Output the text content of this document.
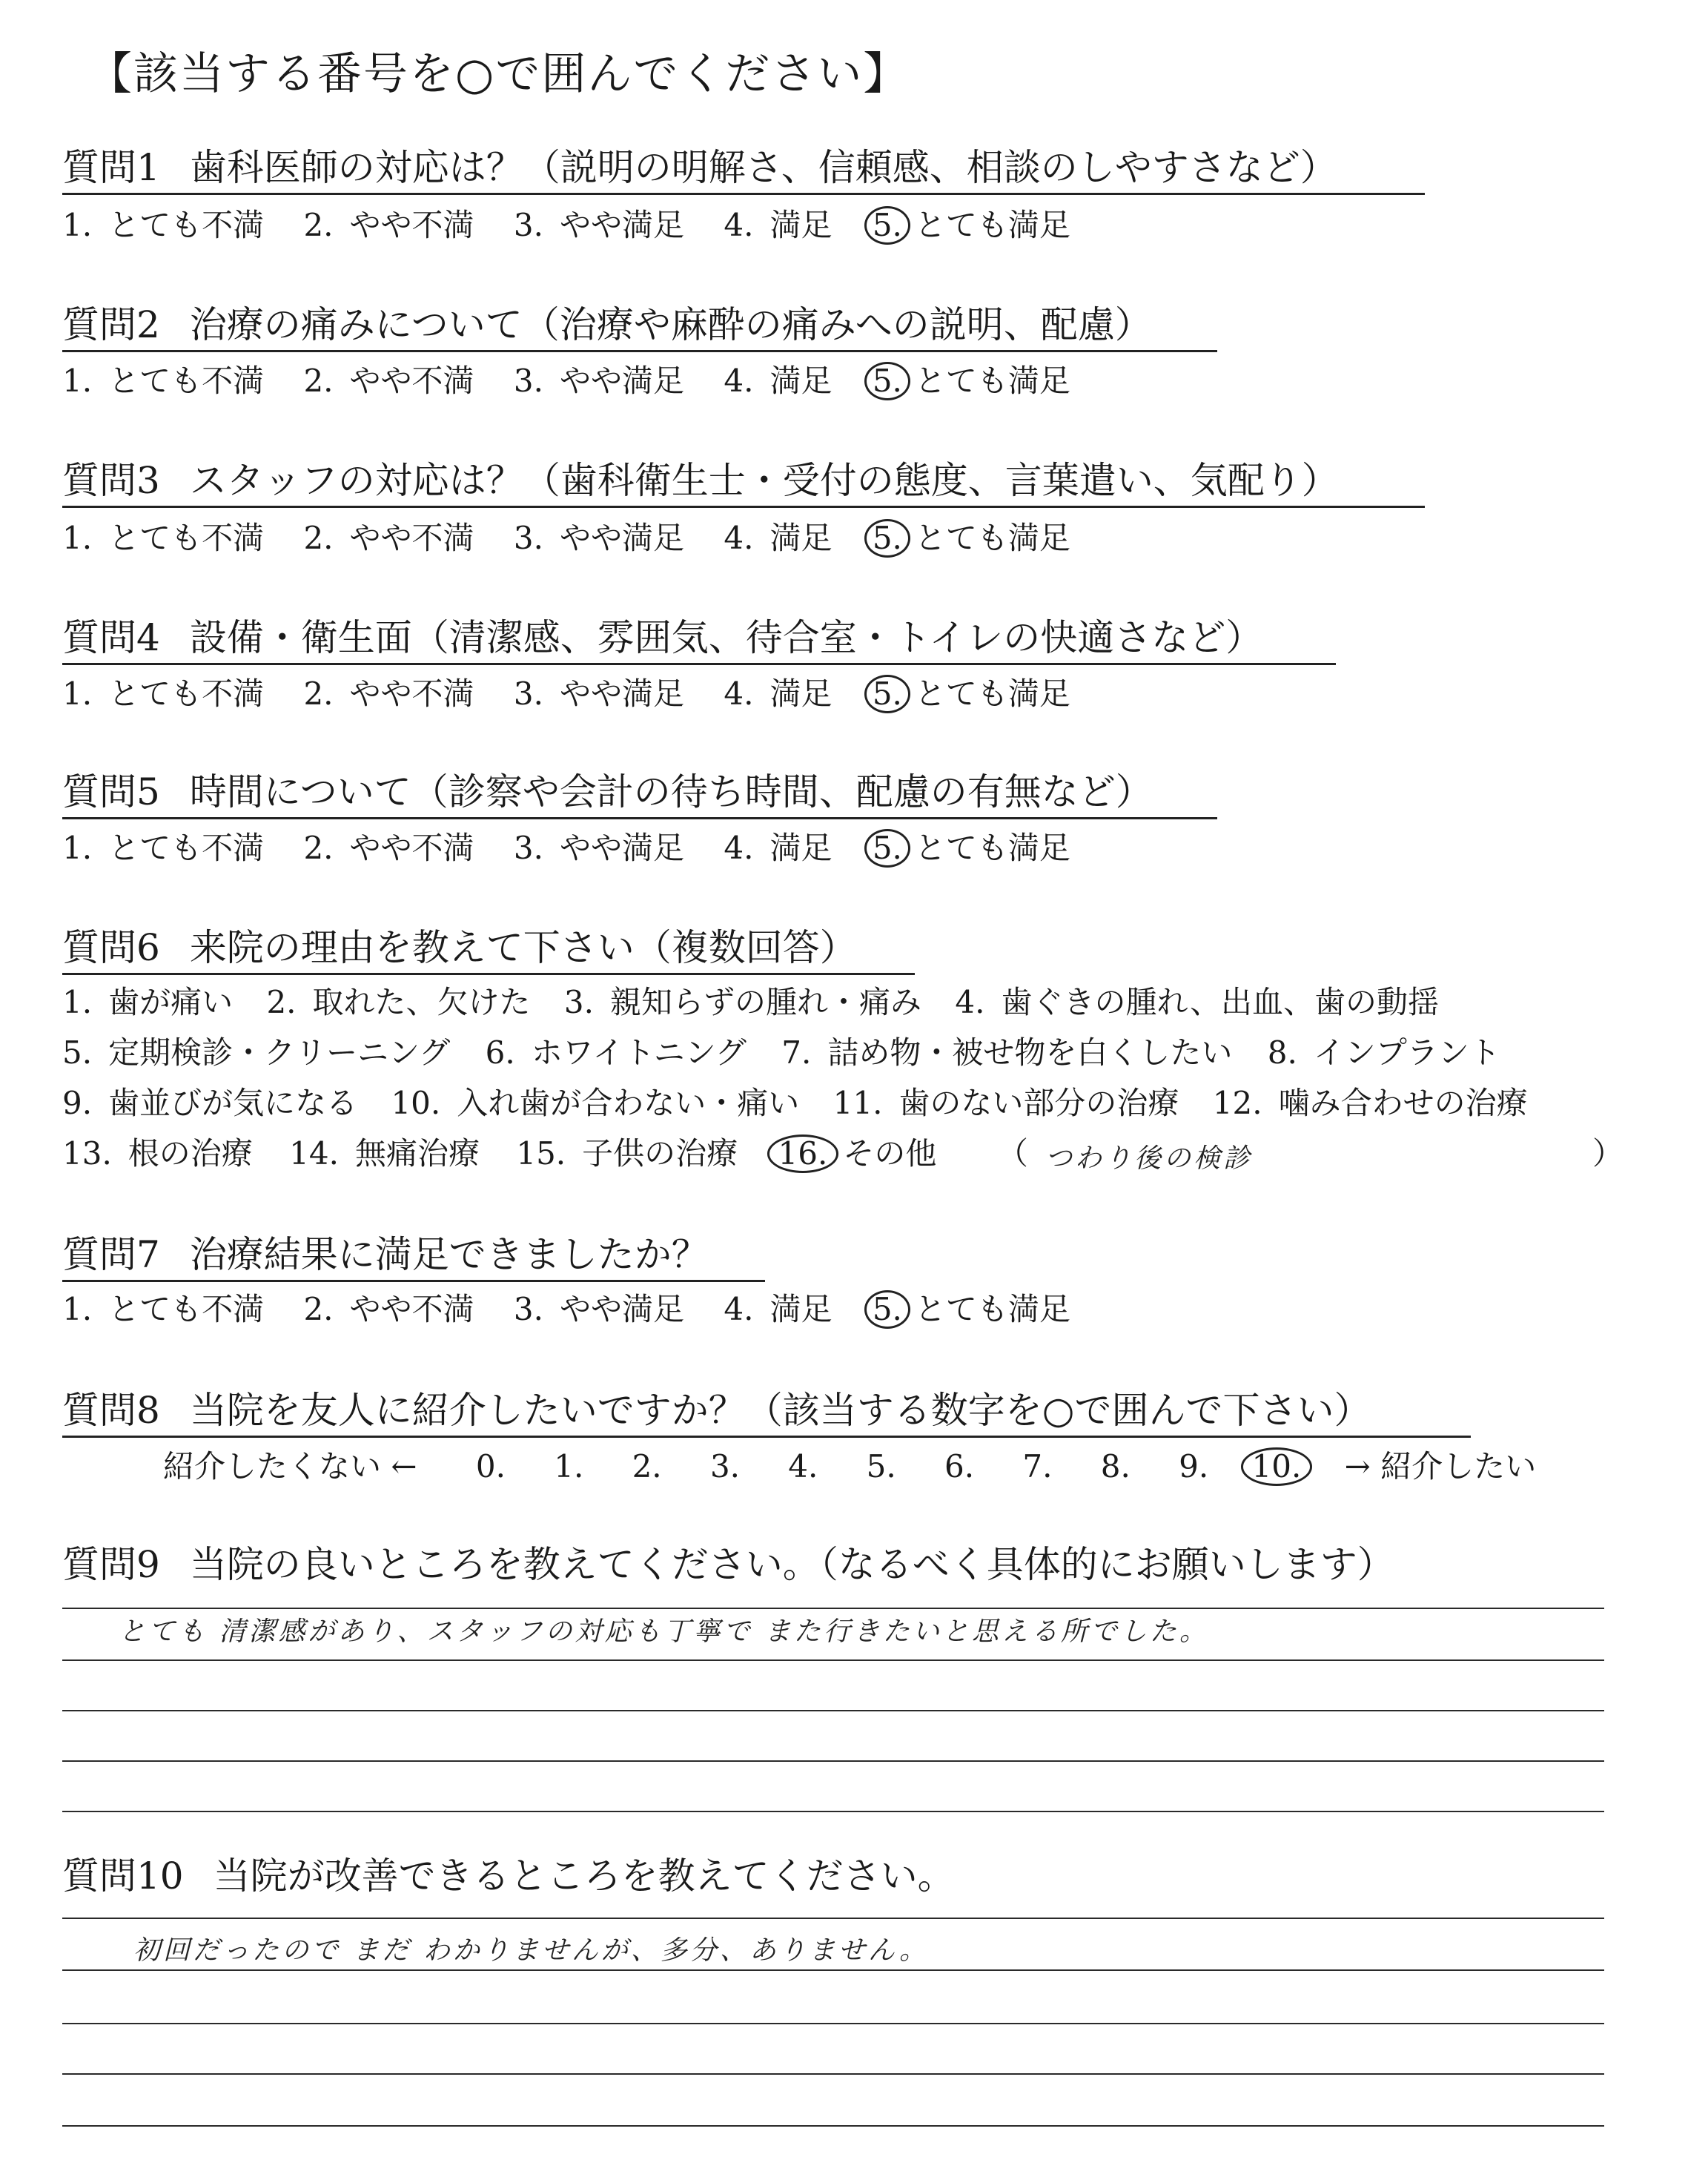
【該当する番号を○で囲んでください】
質問1 歯科医師の対応は？（説明の明解さ、信頼感、相談のしやすさなど）
1. とても不満 2. やや不満 3. やや満足 4. 満足 5. とても満足
質問2 治療の痛みについて（治療や麻酔の痛みへの説明、配慮）
1. とても不満 2. やや不満 3. やや満足 4. 満足 5. とても満足
質問3 スタッフの対応は？（歯科衛生士・受付の態度、言葉遣い、気配り）
1. とても不満 2. やや不満 3. やや満足 4. 満足 5. とても満足
質問4 設備・衛生面（清潔感、雰囲気、待合室・トイレの快適さなど）
1. とても不満 2. やや不満 3. やや満足 4. 満足 5. とても満足
質問5 時間について（診察や会計の待ち時間、配慮の有無など）
1. とても不満 2. やや不満 3. やや満足 4. 満足 5. とても満足
質問6 来院の理由を教えて下さい（複数回答）
1. 歯が痛い 2. 取れた、欠けた 3. 親知らずの腫れ・痛み 4. 歯ぐきの腫れ、出血、歯の動揺
5. 定期検診・クリーニング 6. ホワイトニング 7. 詰め物・被せ物を白くしたい 8. インプラント
9. 歯並びが気になる 10. 入れ歯が合わない・痛い 11. 歯のない部分の治療 12. 噛み合わせの治療
13. 根の治療 14. 無痛治療 15. 子供の治療 16. その他 （ つわり後の検診	）
質問7 治療結果に満足できましたか？
1. とても不満 2. やや不満 3. やや満足 4. 満足 5. とても満足
質問8 当院を友人に紹介したいですか？（該当する数字を○で囲んで下さい）
紹介したくない ← 0. 1. 2. 3. 4. 5. 6. 7. 8. 9. 10. → 紹介したい
質問9 当院の良いところを教えてください。（なるべく具体的にお願いします）
とても 清潔感があり、スタッフの対応も丁寧で また行きたいと思える所でした。
質問10 当院が改善できるところを教えてください。
初回だったので まだ わかりませんが、多分、ありません。
